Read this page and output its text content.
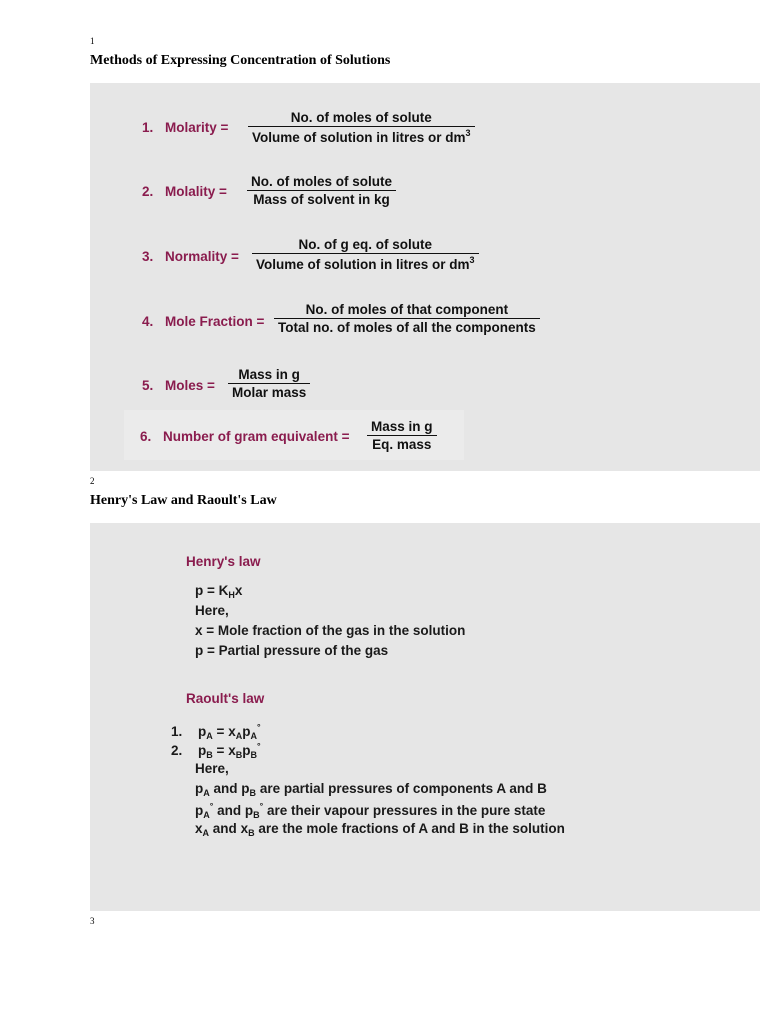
1
Methods of Expressing Concentration of Solutions
1. Molarity =
No. of moles of solute
Volume of solution in litres or $dm^3$
2. Molality =
No. of moles of solute
Mass of solvent in kg
3. Normality =
No. of g eq. of solute
Volume of solution in litres or $dm^3$
4. Mole Fraction =
No. of moles of that component
Total no. of moles of all the components
5. Moles =
Mass in g
Molar mass
6. Number of gram equivalent =
Mass in g
Eq. mass
2
Henry's Law and Raoult's Law
Henry's law
$p = K_Hx$
Here,
x = Mole fraction of the gas in the solution
p = Partial pressure of the gas
Raoult's law
1. $p_A = x_Ap_A^\circ$
2. $p_B = x_Bp_B^\circ$
Here,
$p_A$ and $p_B$ are partial pressures of components A and B
$p_A^\circ$ and $p_B^\circ$ are their vapour pressures in the pure state
$x_A$ and $x_B$ are the mole fractions of A and B in the solution
3
